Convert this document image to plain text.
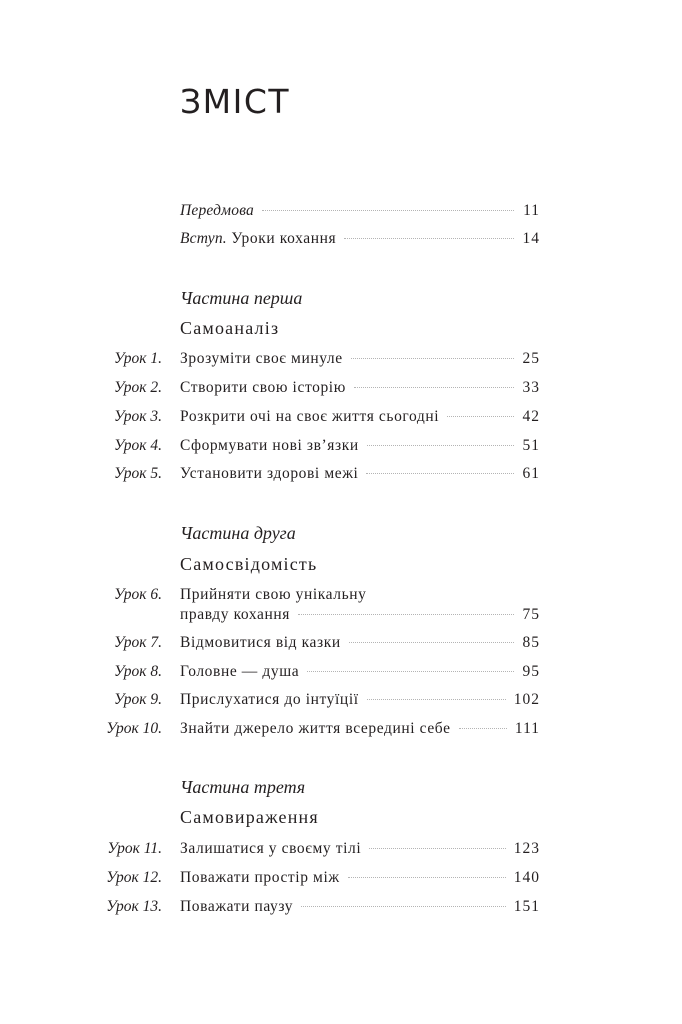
ЗМІСТ
Передмова	11
Вступ. Уроки кохання	14
Частина перша
Самоаналіз
Урок 1. Зрозуміти своє минуле	25
Урок 2. Створити свою історію	33
Урок 3. Розкрити очі на своє життя сьогодні	42
Урок 4. Сформувати нові зв’язки	51
Урок 5. Установити здорові межі	61
Частина друга
Самосвідомість
Урок 6. Прийняти свою унікальну
правду кохання	75
Урок 7. Відмовитися від казки	85
Урок 8. Головне — душа	95
Урок 9. Прислухатися до інтуїції	102
Урок 10. Знайти джерело життя всередині себе	111
Частина третя
Самовираження
Урок 11. Залишатися у своєму тілі	123
Урок 12. Поважати простір між	140
Урок 13. Поважати паузу	151
